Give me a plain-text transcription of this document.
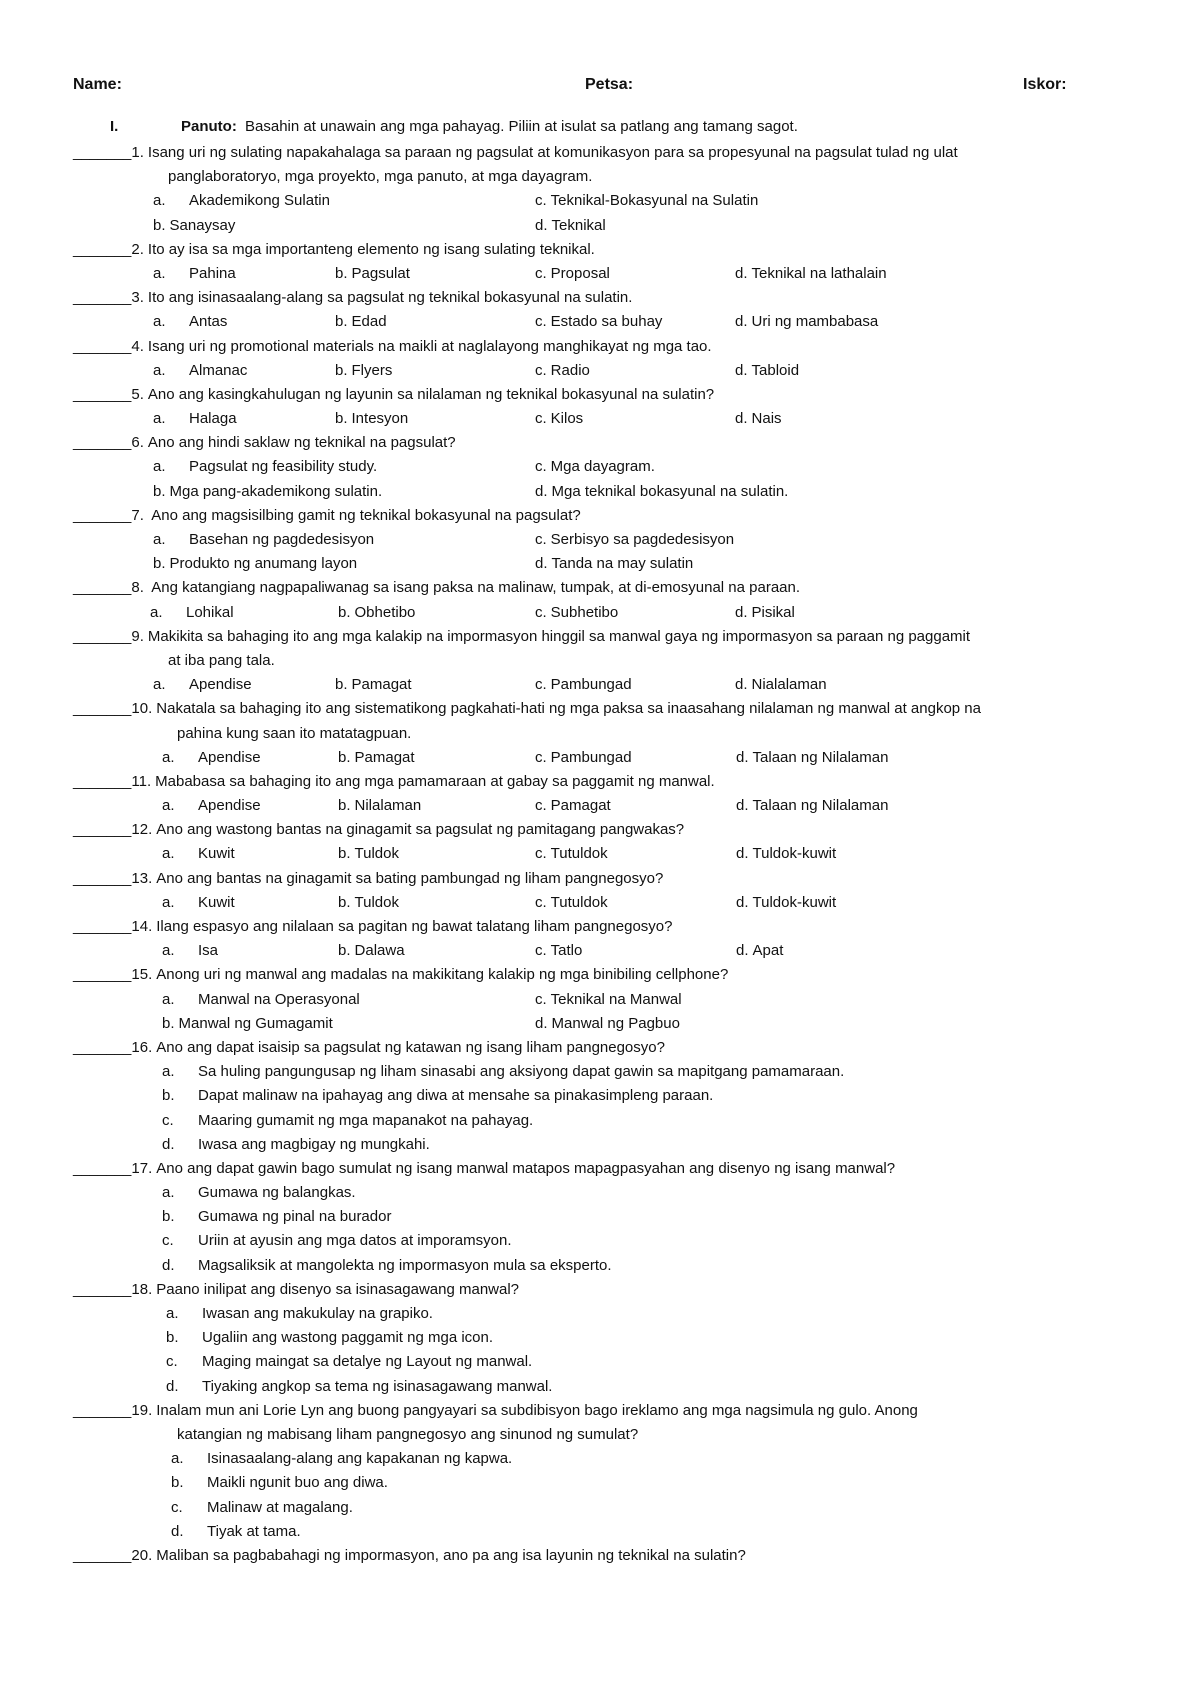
Name:	Petsa:	Iskor:
I.	Panuto: Basahin at unawain ang mga pahayag. Piliin at isulat sa patlang ang tamang sagot.
_______1. Isang uri ng sulating napakahalaga sa paraan ng pagsulat at komunikasyon para sa propesyunal na pagsulat tulad ng ulat
panglaboratoryo, mga proyekto, mga panuto, at mga dayagram.
a. Akademikong Sulatin	c. Teknikal-Bokasyunal na Sulatin
b. Sanaysay	d. Teknikal
_______2. Ito ay isa sa mga importanteng elemento ng isang sulating teknikal.
a. Pahina	b. Pagsulat	c. Proposal	d. Teknikal na lathalain
_______3. Ito ang isinasaalang-alang sa pagsulat ng teknikal bokasyunal na sulatin.
a. Antas	b. Edad	c. Estado sa buhay	d. Uri ng mambabasa
_______4. Isang uri ng promotional materials na maikli at naglalayong manghikayat ng mga tao.
a. Almanac	b. Flyers	c. Radio	d. Tabloid
_______5. Ano ang kasingkahulugan ng layunin sa nilalaman ng teknikal bokasyunal na sulatin?
a. Halaga	b. Intesyon	c. Kilos	d. Nais
_______6. Ano ang hindi saklaw ng teknikal na pagsulat?
a. Pagsulat ng feasibility study.	c. Mga dayagram.
b. Mga pang-akademikong sulatin.	d. Mga teknikal bokasyunal na sulatin.
_______7. Ano ang magsisilbing gamit ng teknikal bokasyunal na pagsulat?
a. Basehan ng pagdedesisyon	c. Serbisyo sa pagdedesisyon
b. Produkto ng anumang layon	d. Tanda na may sulatin
_______8. Ang katangiang nagpapaliwanag sa isang paksa na malinaw, tumpak, at di-emosyunal na paraan.
a. Lohikal	b. Obhetibo	c. Subhetibo	d. Pisikal
_______9. Makikita sa bahaging ito ang mga kalakip na impormasyon hinggil sa manwal gaya ng impormasyon sa paraan ng paggamit
at iba pang tala.
a. Apendise	b. Pamagat	c. Pambungad	d. Nialalaman
_______10. Nakatala sa bahaging ito ang sistematikong pagkahati-hati ng mga paksa sa inaasahang nilalaman ng manwal at angkop na
pahina kung saan ito matatagpuan.
a. Apendise	b. Pamagat	c. Pambungad	d. Talaan ng Nilalaman
_______11. Mababasa sa bahaging ito ang mga pamamaraan at gabay sa paggamit ng manwal.
a. Apendise	b. Nilalaman	c. Pamagat	d. Talaan ng Nilalaman
_______12. Ano ang wastong bantas na ginagamit sa pagsulat ng pamitagang pangwakas?
a. Kuwit	b. Tuldok	c. Tutuldok	d. Tuldok-kuwit
_______13. Ano ang bantas na ginagamit sa bating pambungad ng liham pangnegosyo?
a. Kuwit	b. Tuldok	c. Tutuldok	d. Tuldok-kuwit
_______14. Ilang espasyo ang nilalaan sa pagitan ng bawat talatang liham pangnegosyo?
a. Isa	b. Dalawa	c. Tatlo	d. Apat
_______15. Anong uri ng manwal ang madalas na makikitang kalakip ng mga binibiling cellphone?
a. Manwal na Operasyonal	c. Teknikal na Manwal
b. Manwal ng Gumagamit	d. Manwal ng Pagbuo
_______16. Ano ang dapat isaisip sa pagsulat ng katawan ng isang liham pangnegosyo?
a. Sa huling pangungusap ng liham sinasabi ang aksiyong dapat gawin sa mapitgang pamamaraan.
b. Dapat malinaw na ipahayag ang diwa at mensahe sa pinakasimpleng paraan.
c. Maaring gumamit ng mga mapanakot na pahayag.
d. Iwasa ang magbigay ng mungkahi.
_______17. Ano ang dapat gawin bago sumulat ng isang manwal matapos mapagpasyahan ang disenyo ng isang manwal?
a. Gumawa ng balangkas.
b. Gumawa ng pinal na burador
c. Uriin at ayusin ang mga datos at imporamsyon.
d. Magsaliksik at mangolekta ng impormasyon mula sa eksperto.
_______18. Paano inilipat ang disenyo sa isinasagawang manwal?
a. Iwasan ang makukulay na grapiko.
b. Ugaliin ang wastong paggamit ng mga icon.
c. Maging maingat sa detalye ng Layout ng manwal.
d. Tiyaking angkop sa tema ng isinasagawang manwal.
_______19. Inalam mun ani Lorie Lyn ang buong pangyayari sa subdibisyon bago ireklamo ang mga nagsimula ng gulo. Anong
katangian ng mabisang liham pangnegosyo ang sinunod ng sumulat?
a. Isinasaalang-alang ang kapakanan ng kapwa.
b. Maikli ngunit buo ang diwa.
c. Malinaw at magalang.
d. Tiyak at tama.
_______20. Maliban sa pagbabahagi ng impormasyon, ano pa ang isa layunin ng teknikal na sulatin?
